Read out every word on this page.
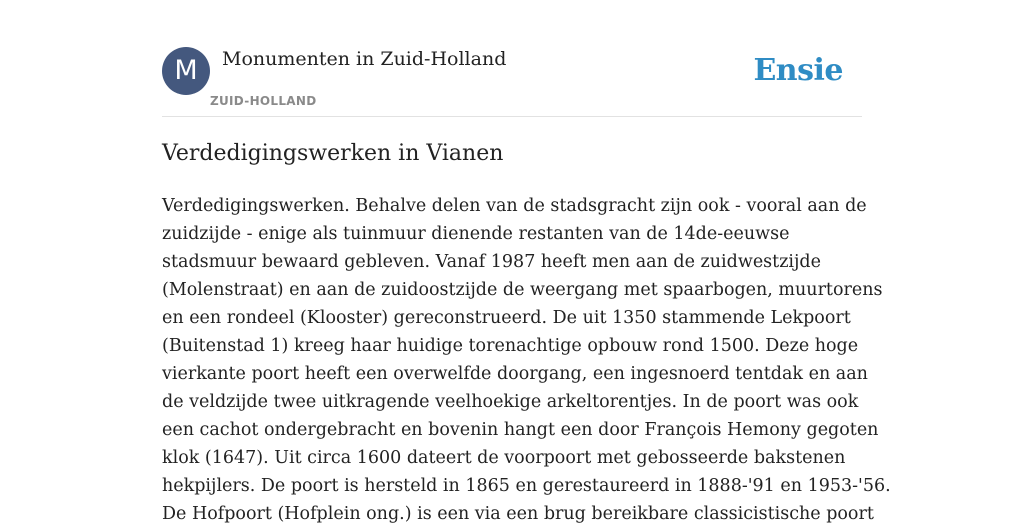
M	Monumenten in Zuid-Holland
ZUID-HOLLAND
Ensie
Verdedigingswerken in Vianen
Verdedigingswerken. Behalve delen van de stadsgracht zijn ook - vooral aan de
zuidzijde - enige als tuinmuur dienende restanten van de 14de-eeuwse
stadsmuur bewaard gebleven. Vanaf 1987 heeft men aan de zuidwestzijde
(Molenstraat) en aan de zuidoostzijde de weergang met spaarbogen, muurtorens
en een rondeel (Klooster) gereconstrueerd. De uit 1350 stammende Lekpoort
(Buitenstad 1) kreeg haar huidige torenachtige opbouw rond 1500. Deze hoge
vierkante poort heeft een overwelfde doorgang, een ingesnoerd tentdak en aan
de veldzijde twee uitkragende veelhoekige arkeltorentjes. In de poort was ook
een cachot ondergebracht en bovenin hangt een door François Hemony gegoten
klok (1647). Uit circa 1600 dateert de voorpoort met gebosseerde bakstenen
hekpijlers. De poort is hersteld in 1865 en gerestaureerd in 1888-'91 en 1953-'56.
De Hofpoort (Hofplein ong.) is een via een brug bereikbare classicistische poort
